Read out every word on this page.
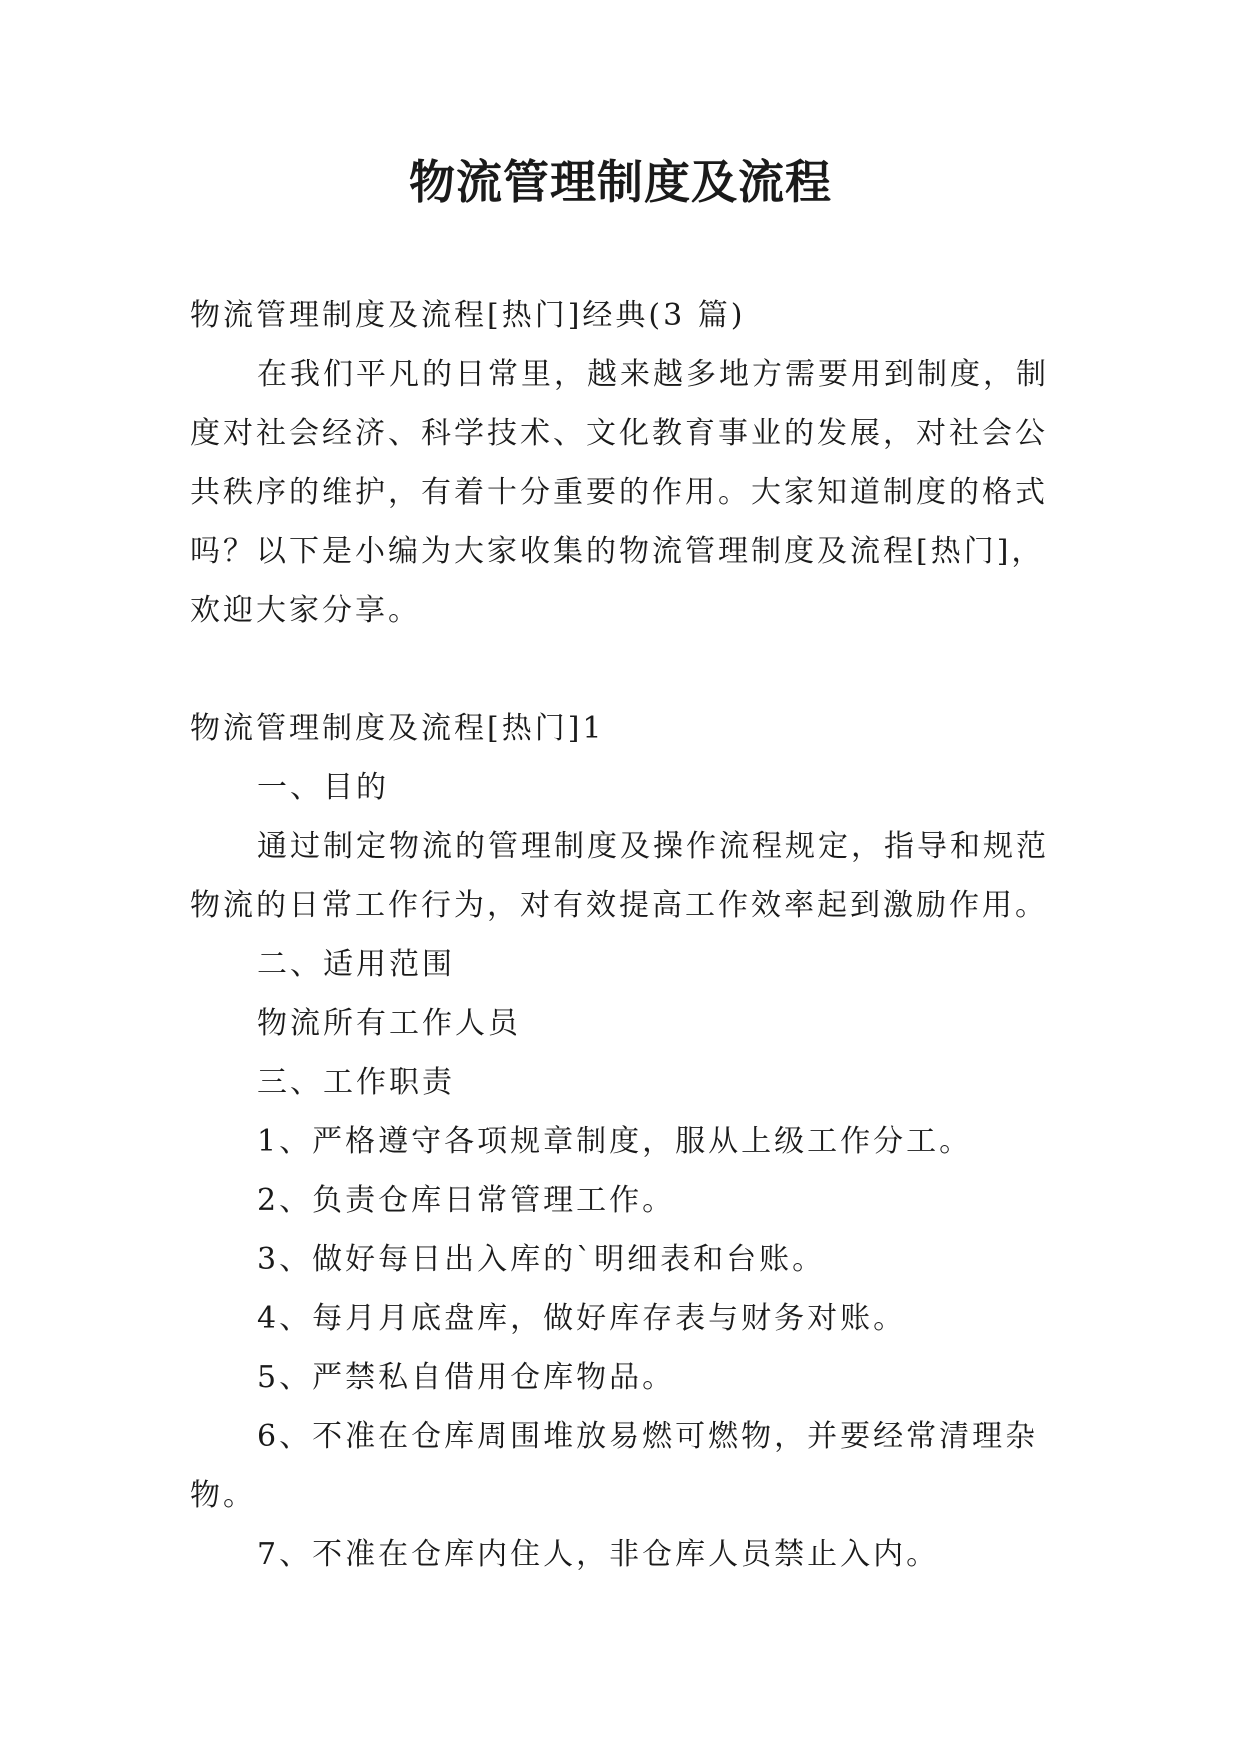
物流管理制度及流程

物流管理制度及流程[热门]经典(3 篇)

在我们平凡的日常里，越来越多地方需要用到制度，制度对社会经济、科学技术、文化教育事业的发展，对社会公共秩序的维护，有着十分重要的作用。大家知道制度的格式吗？以下是小编为大家收集的物流管理制度及流程[热门]，欢迎大家分享。

物流管理制度及流程[热门]1

一、目的

通过制定物流的管理制度及操作流程规定，指导和规范物流的日常工作行为，对有效提高工作效率起到激励作用。

二、适用范围

物流所有工作人员

三、工作职责

1、严格遵守各项规章制度，服从上级工作分工。

2、负责仓库日常管理工作。

3、做好每日出入库的`明细表和台账。

4、每月月底盘库，做好库存表与财务对账。

5、严禁私自借用仓库物品。

6、不准在仓库周围堆放易燃可燃物，并要经常清理杂物。

7、不准在仓库内住人，非仓库人员禁止入内。
